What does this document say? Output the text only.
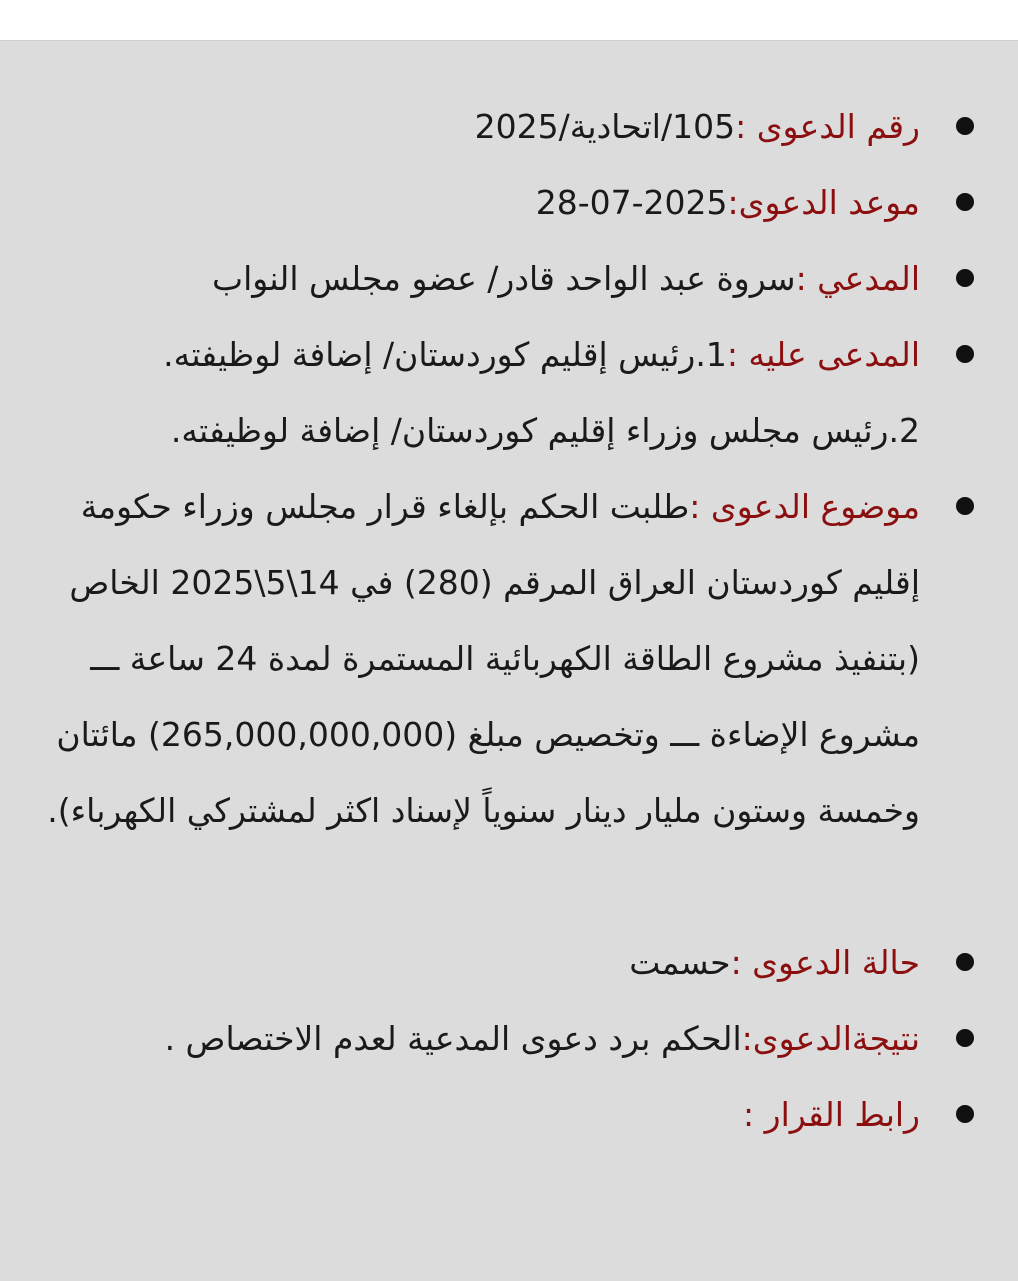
رقم الدعوى :105/اتحادية/2025
موعد الدعوى:2025-07-28
المدعي :سروة عبد الواحد قادر/ عضو مجلس النواب
المدعى عليه :1.رئيس إقليم كوردستان/ إضافة لوظيفته.
2.رئيس مجلس وزراء إقليم كوردستان/ إضافة لوظيفته.
موضوع الدعوى :طلبت الحكم بإلغاء قرار مجلس وزراء حكومة إقليم كوردستان العراق المرقم (280) في 14\5\2025 الخاص (بتنفيذ مشروع الطاقة الكهربائية المستمرة لمدة 24 ساعة ـــ مشروع الإضاءة ـــ وتخصيص مبلغ (265,000,000,000) مائتان وخمسة وستون مليار دينار سنوياً لإسناد اكثر لمشتركي الكهرباء).
حالة الدعوى :حسمت
نتيجةالدعوى:الحكم برد دعوى المدعية لعدم الاختصاص .
رابط القرار :
